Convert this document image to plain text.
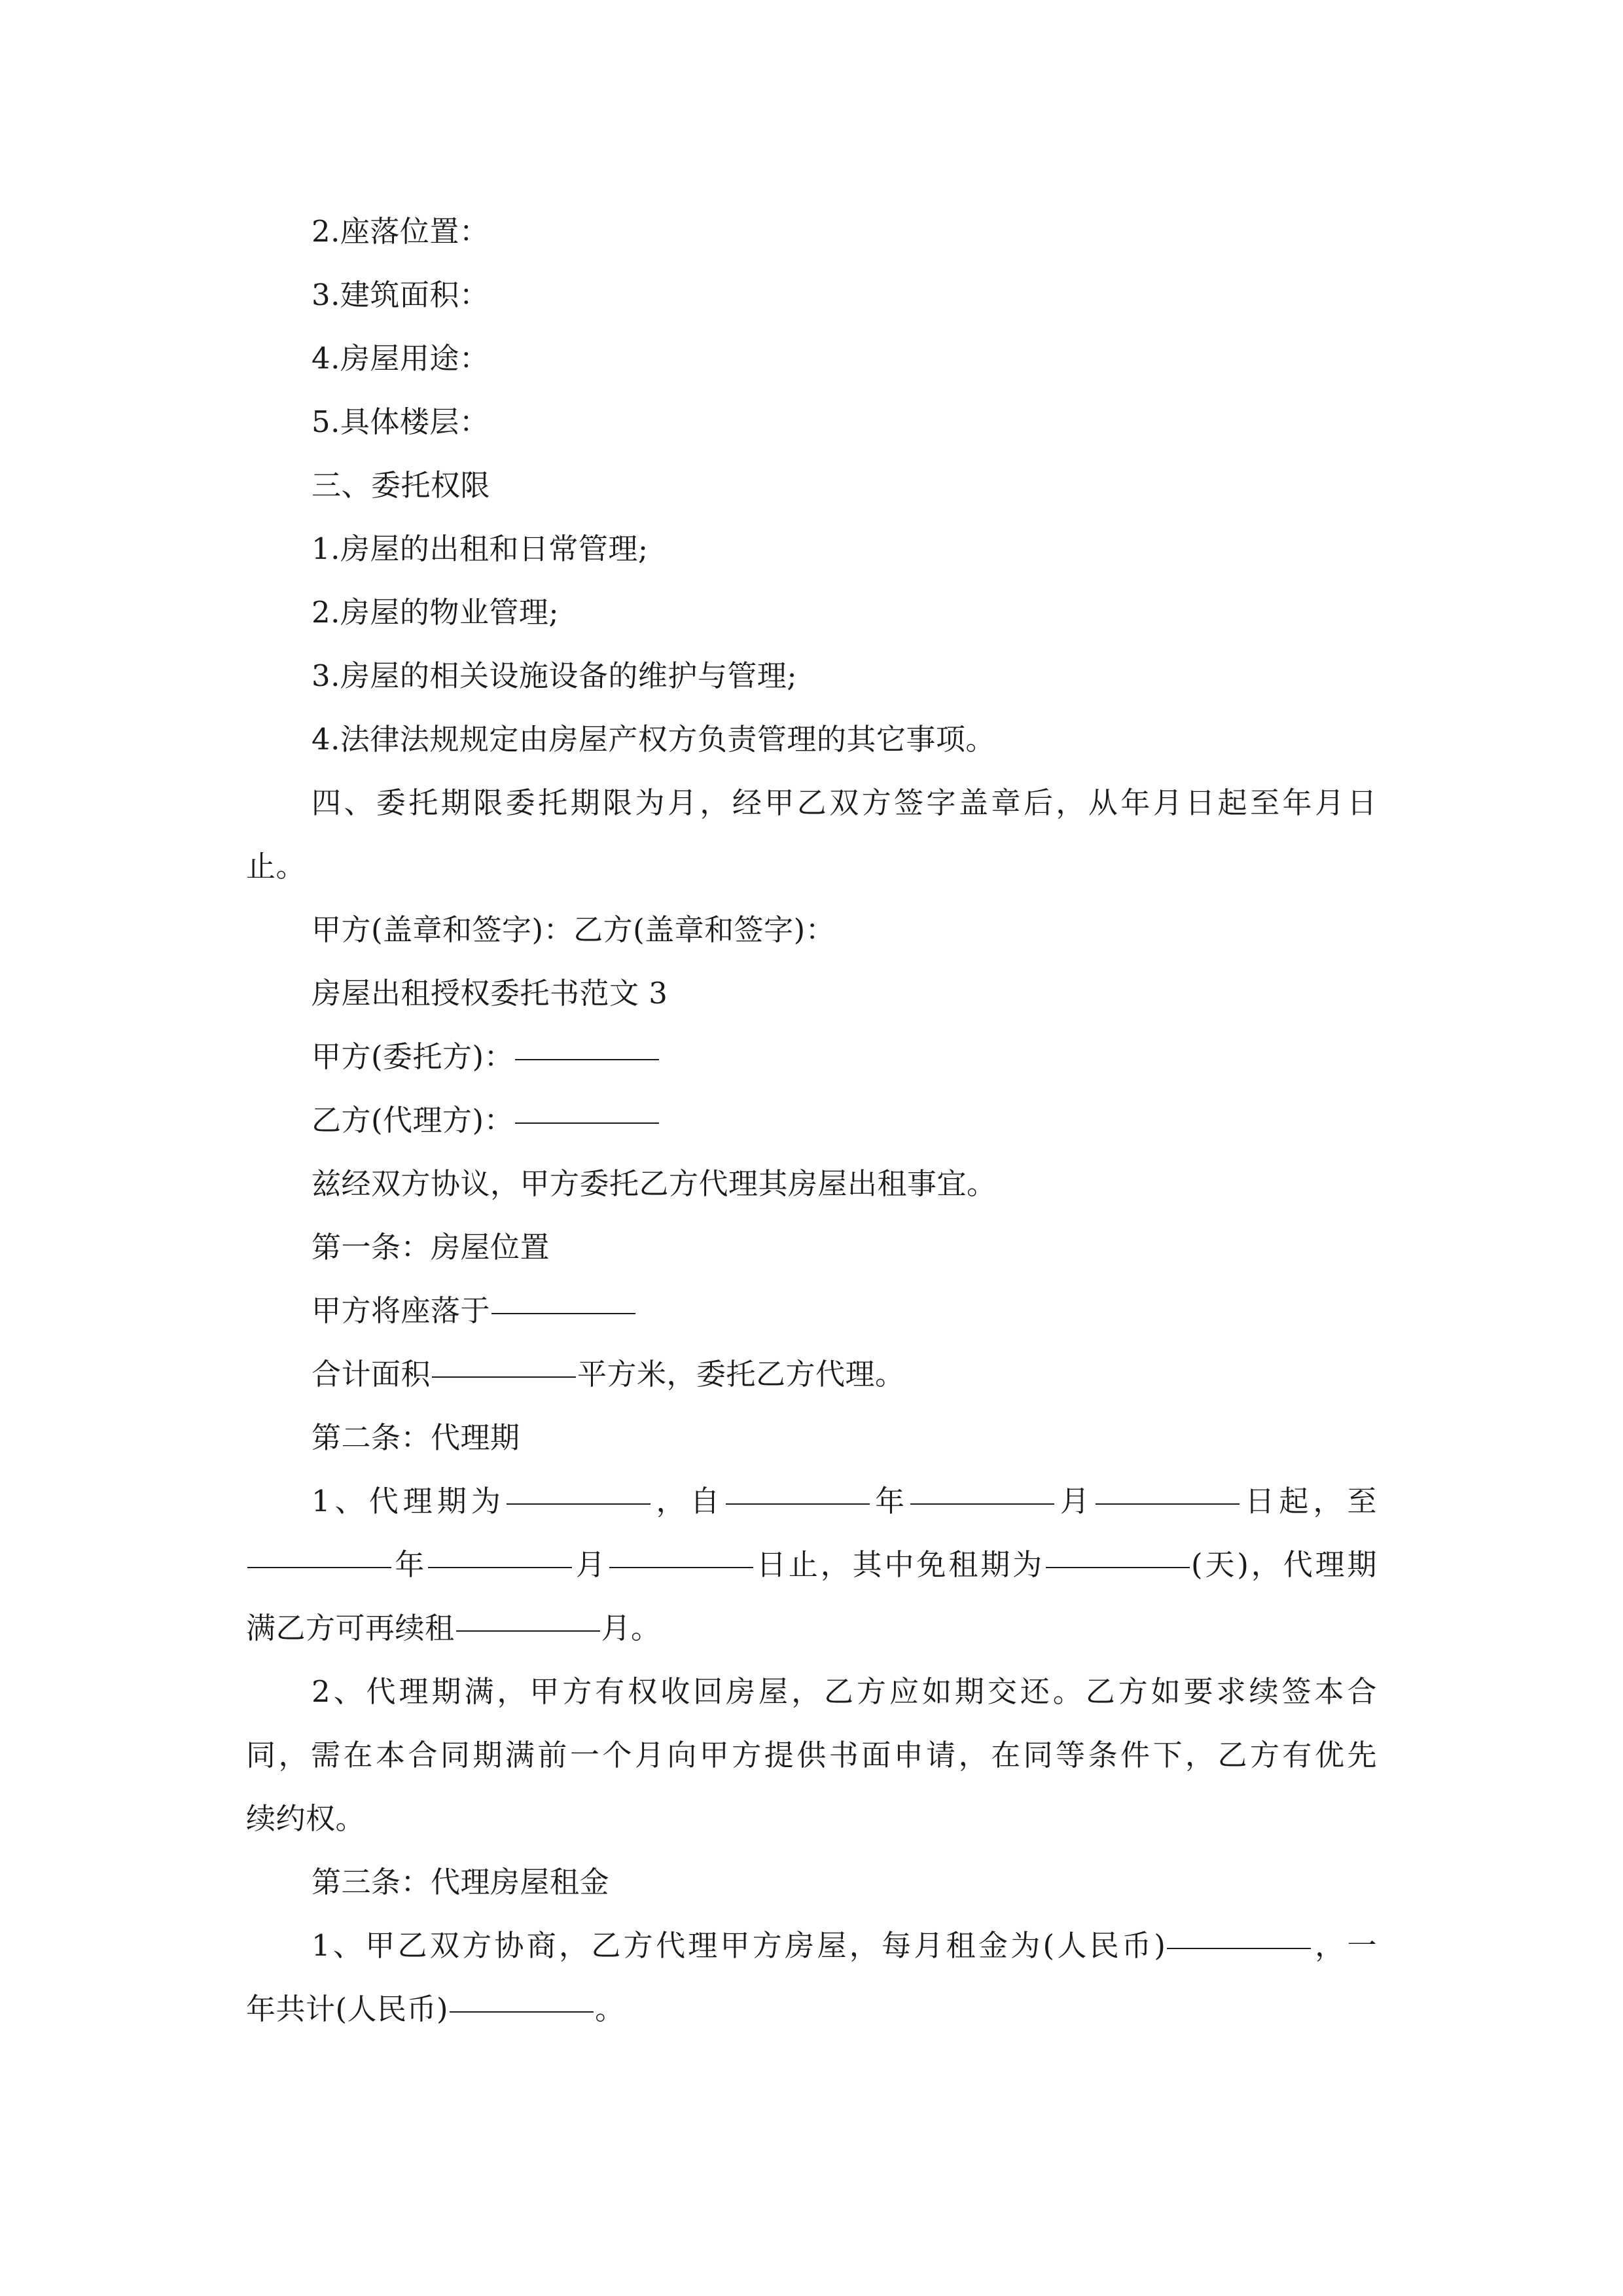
2.座落位置：
3.建筑面积：
4.房屋用途：
5.具体楼层：
三、委托权限
1.房屋的出租和日常管理;
2.房屋的物业管理;
3.房屋的相关设施设备的维护与管理;
4.法律法规规定由房屋产权方负责管理的其它事项。
四、委托期限委托期限为月，经甲乙双方签字盖章后，从年月日起至年月日
止。
甲方(盖章和签字)：乙方(盖章和签字)：
房屋出租授权委托书范文 3
甲方(委托方)：
乙方(代理方)：
兹经双方协议，甲方委托乙方代理其房屋出租事宜。
第一条：房屋位置
甲方将座落于
合计面积	平方米，委托乙方代理。
第二条：代理期
1、代理期为	，自	年	月	日起，至
年	月	日止，其中免租期为	(天)，代理期
满乙方可再续租	月。
2、代理期满，甲方有权收回房屋，乙方应如期交还。乙方如要求续签本合
同，需在本合同期满前一个月向甲方提供书面申请，在同等条件下，乙方有优先
续约权。
第三条：代理房屋租金
1、甲乙双方协商，乙方代理甲方房屋，每月租金为(人民币)	，一
年共计(人民币)	。
